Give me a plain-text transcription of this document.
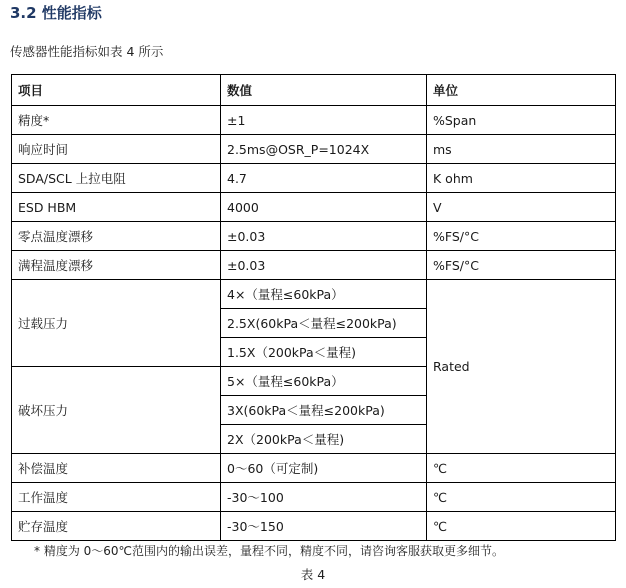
3.2 性能指标
传感器性能指标如表 4 所示
项目	数值	单位
精度*	±1	%Span
响应时间	2.5ms@OSR_P=1024X	ms
SDA/SCL 上拉电阻	4.7	K ohm
ESD HBM	4000	V
零点温度漂移	±0.03	%FS/°C
满程温度漂移	±0.03	%FS/°C
过载压力	4×（量程≤60kPa）	Rated
	2.5X(60kPa＜量程≤200kPa)	
	1.5X（200kPa＜量程)	
破坏压力	5×（量程≤60kPa）	
	3X(60kPa＜量程≤200kPa)	
	2X（200kPa＜量程)	
补偿温度	0～60（可定制)	℃
工作温度	-30～100	℃
贮存温度	-30～150	℃
* 精度为 0～60℃范围内的输出误差，量程不同，精度不同，请咨询客服获取更多细节。
表 4
